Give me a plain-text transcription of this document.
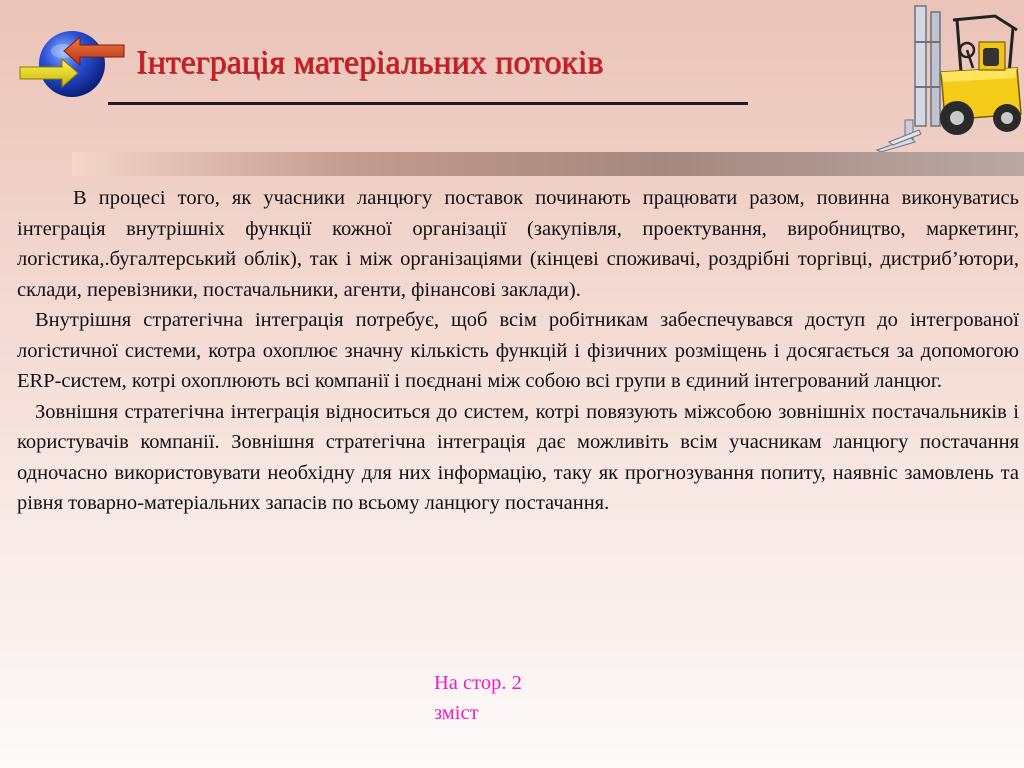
Інтеграція матеріальних потоків

В процесі того, як учасники ланцюгу поставок починають працювати разом, повинна виконуватись інтеграція внутрішніх функції кожної організації (закупівля, проектування, виробництво, маркетинг, логістика,.бугалтерський облік), так і між організаціями (кінцеві споживачі, роздрібні торгівці, дистриб’ютори, склади, перевізники, постачальники, агенти, фінансові заклади).

Внутрішня стратегічна інтеграція потребує, щоб всім робітникам забеспечувався доступ до інтегрованої логістичної системи, котра охоплює значну кількість функцій і фізичних розміщень і досягається за допомогою ERP-систем, котрі охоплюють всі компанії і поєднані між собою всі групи в єдиний інтегрований ланцюг.

Зовнішня стратегічна інтеграція відноситься до систем, котрі повязують міжсобою зовнішніх постачальників і користувачів компанії. Зовнішня стратегічна інтеграція дає можливіть всім учасникам ланцюгу постачання одночасно використовувати необхідну для них інформацію, таку як прогнозування попиту, наявніс замовлень та рівня товарно-матеріальних запасів по всьому ланцюгу постачання.

На стор. 2
зміст
